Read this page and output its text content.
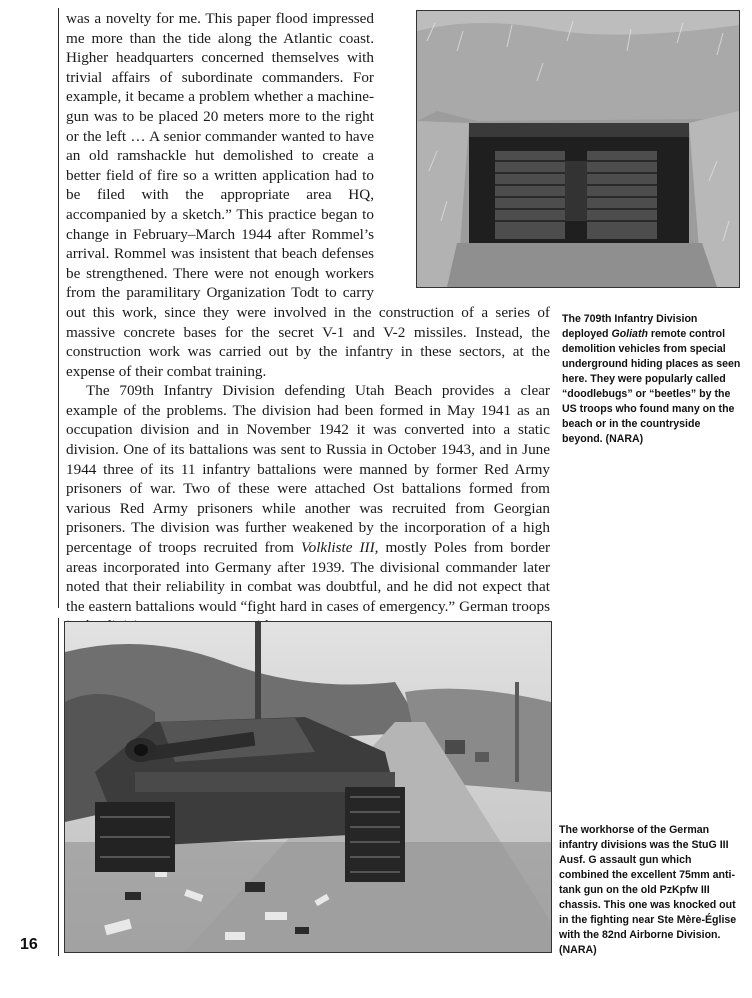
was a novelty for me. This paper flood impressed me more than the tide along the Atlantic coast. Higher headquarters concerned themselves with trivial affairs of subordinate commanders. For example, it became a problem whether a machine-gun was to be placed 20 meters more to the right or the left … A senior commander wanted to have an old ramshackle hut demolished to create a better field of fire so a written application had to be filed with the appropriate area HQ, accompanied by a sketch.” This practice began to change in February–March 1944 after Rommel’s arrival. Rommel was insistent that beach defenses be strengthened. There were not enough workers from the paramilitary Organization Todt to carry out this work, since they were involved in the construction of a series of massive concrete bases for the secret V-1 and V-2 missiles. Instead, the construction work was carried out by the infantry in these sectors, at the expense of their combat training.

The 709th Infantry Division defending Utah Beach provides a clear example of the problems. The division had been formed in May 1941 as an occupation division and in November 1942 it was converted into a static division. One of its battalions was sent to Russia in October 1943, and in June 1944 three of its 11 infantry battalions were manned by former Red Army prisoners of war. Two of these were attached Ost battalions formed from various Red Army prisoners while another was recruited from Georgian prisoners. The division was further weakened by the incorporation of a high percentage of troops recruited from Volkliste III, mostly Poles from border areas incorporated into Germany after 1939. The divisional commander later noted that their reliability in combat was doubtful, and he did not expect that the eastern battalions would “fight hard in cases of emergency.” German troops

The 709th Infantry Division deployed Goliath remote control demolition vehicles from special underground hiding places as seen here. They were popularly called “doodlebugs” or “beetles” by the US troops who found many on the beach or in the countryside beyond. (NARA)
The workhorse of the German infantry divisions was the StuG III Ausf. G assault gun which combined the excellent 75mm anti-tank gun on the old PzKpfw III chassis. This one was knocked out in the fighting near Ste Mère-Église with the 82nd Airborne Division. (NARA)
16
